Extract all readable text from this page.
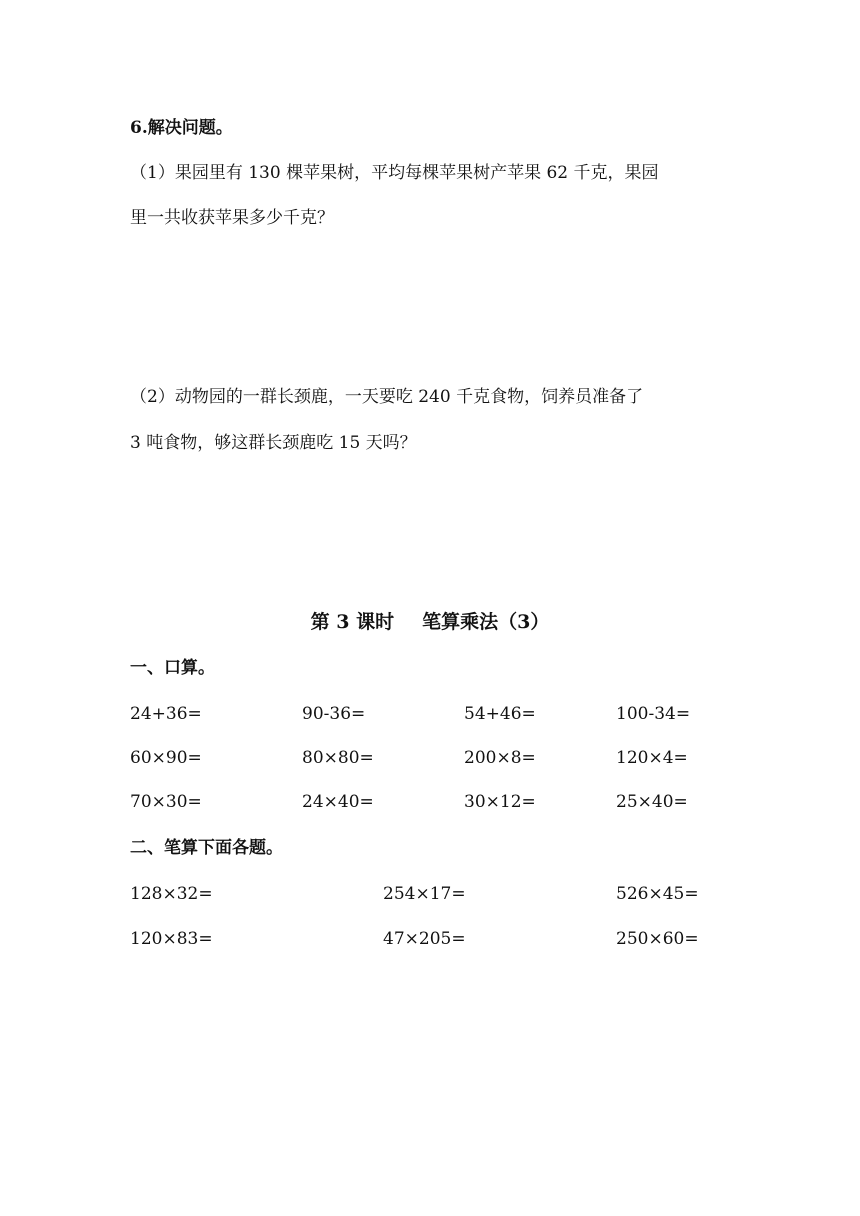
6.解决问题。
（1）果园里有 130 棵苹果树，平均每棵苹果树产苹果 62 千克，果园
里一共收获苹果多少千克？
（2）动物园的一群长颈鹿，一天要吃 240 千克食物，饲养员准备了
3 吨食物，够这群长颈鹿吃 15 天吗？
第 3 课时 笔算乘法（3）
一、口算。
24+36=	90-36=	54+46=	100-34=
60×90=	80×80=	200×8=	120×4=
70×30=	24×40=	30×12=	25×40=
二、笔算下面各题。
128×32=	254×17=	526×45=
120×83=	47×205=	250×60=
